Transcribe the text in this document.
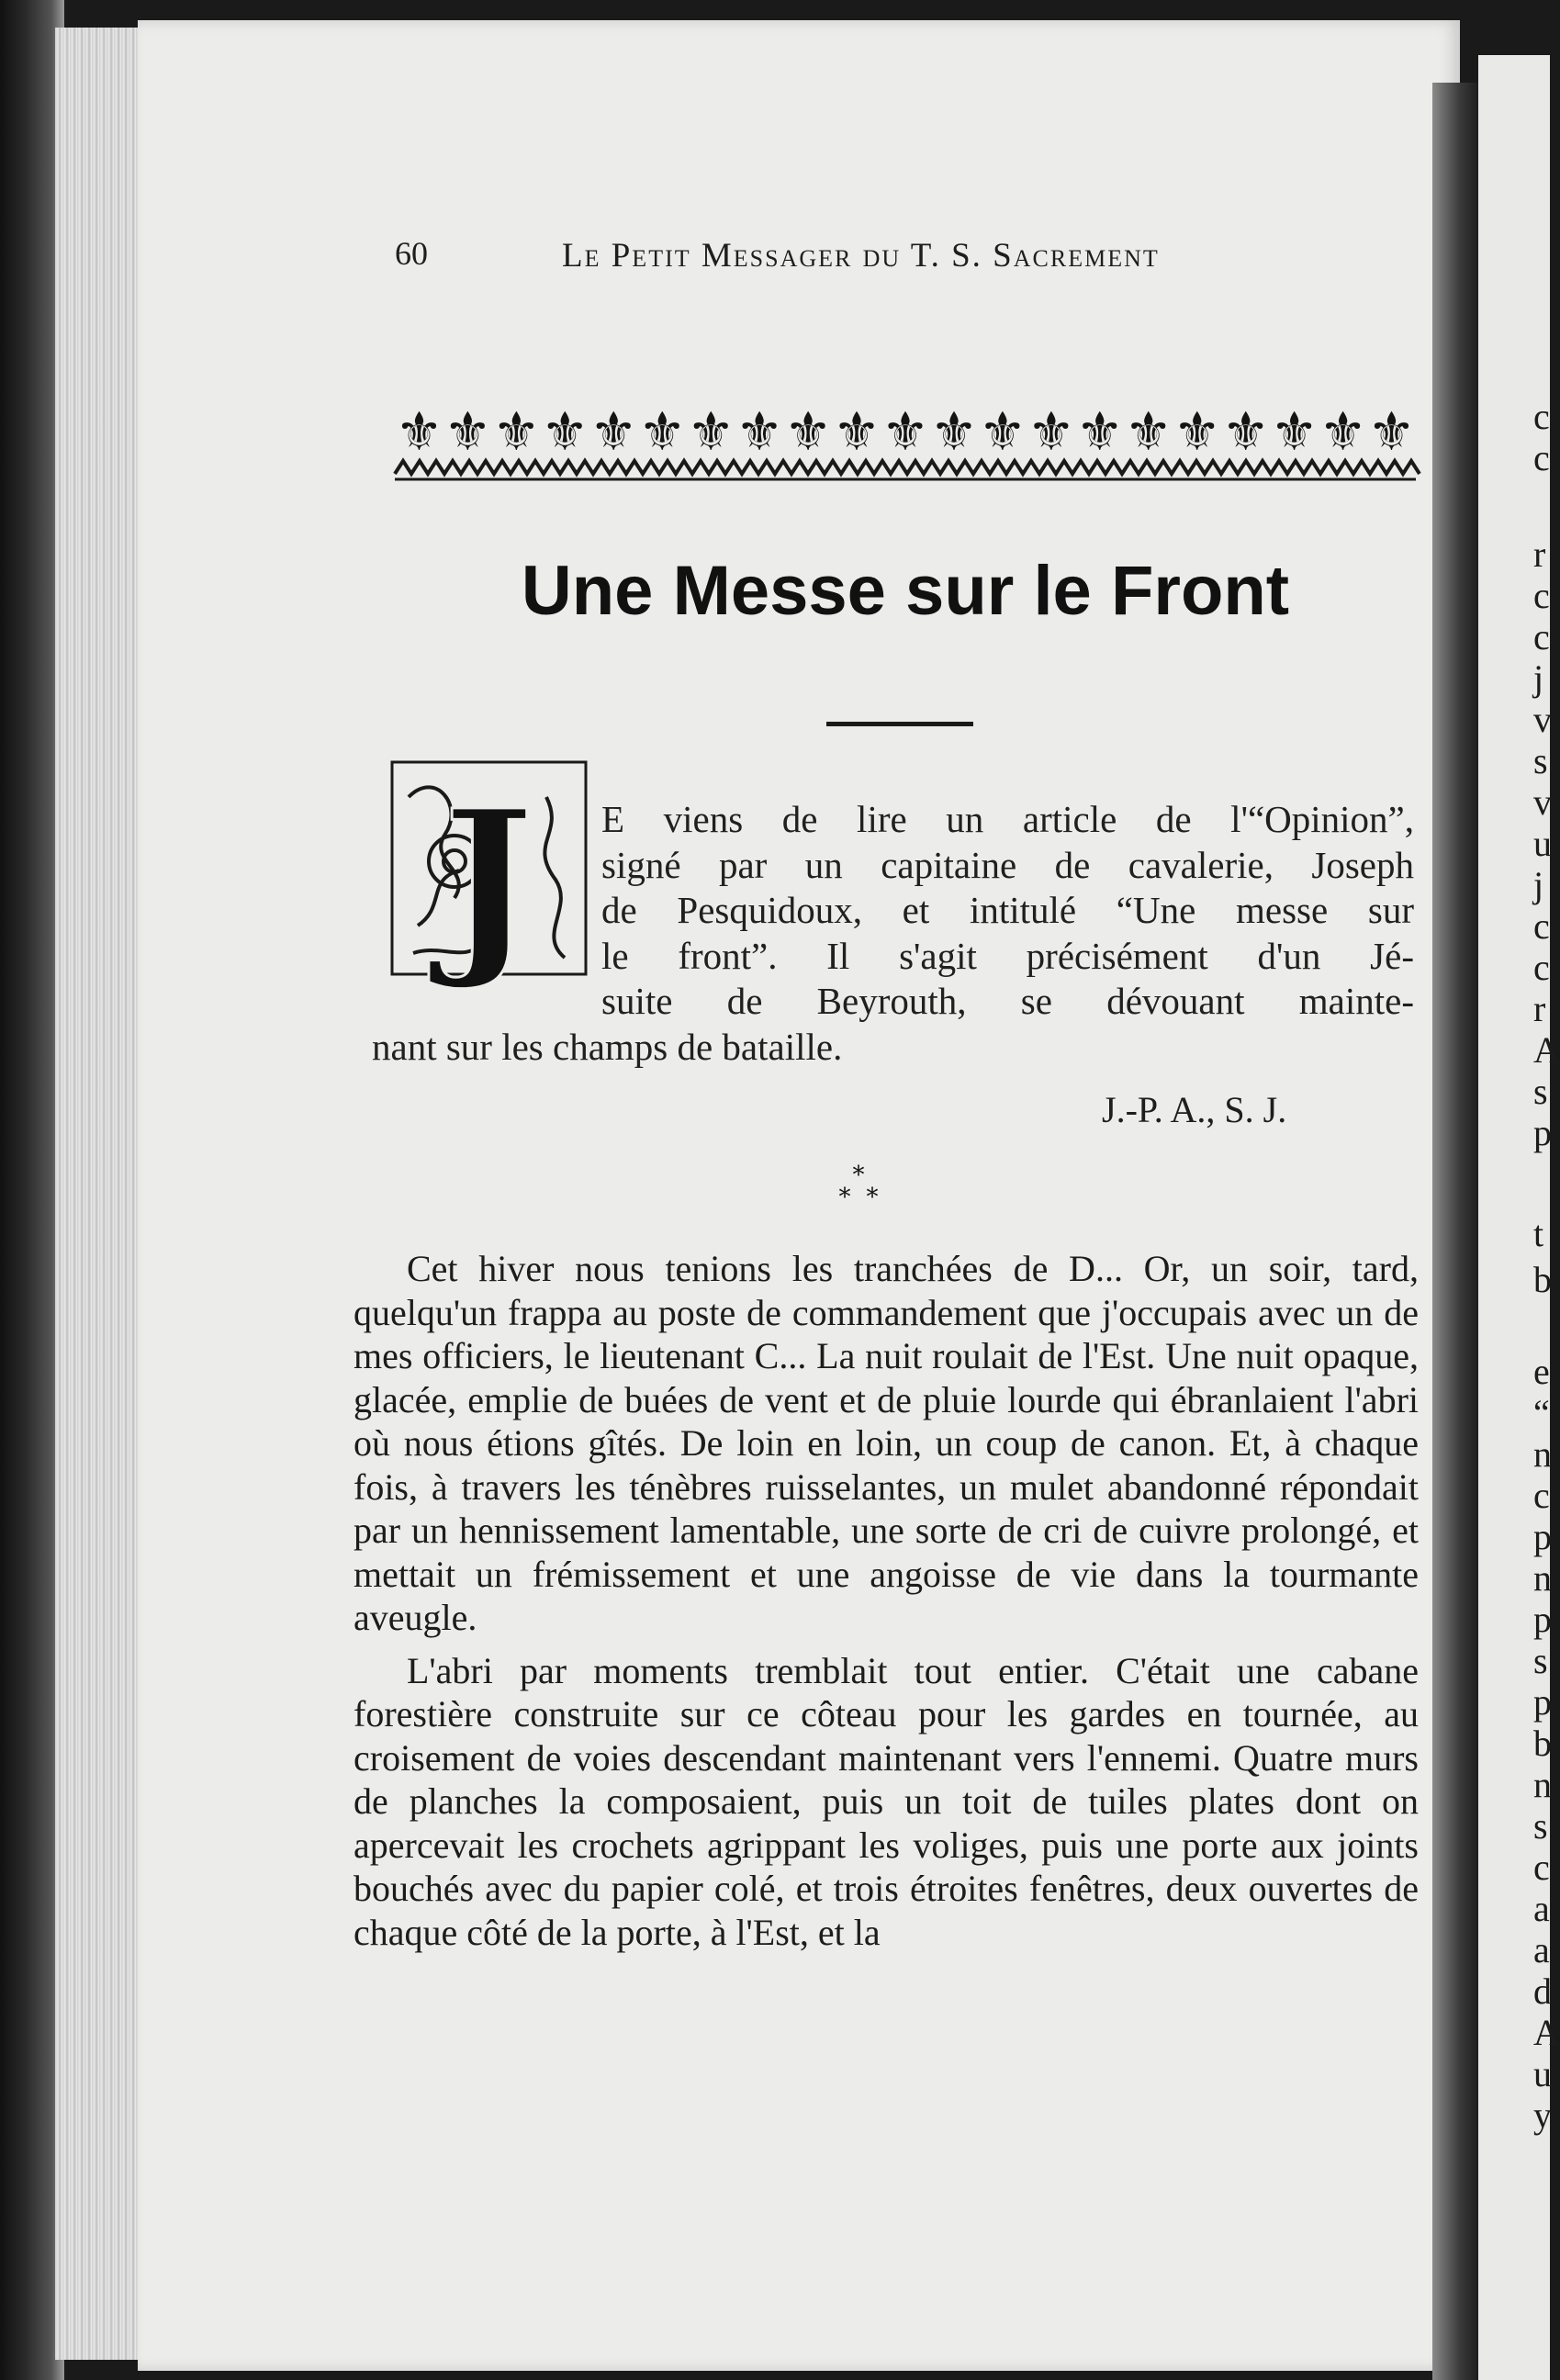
c
c
r
c
c
j
v
s
v
u
j
c
c
r
A
s
p
t
b
e
“
n
c
p
n
p
s
p
b
n
s
c
a
a
d
A
u
y
60	Le Petit Messager du T. S. Sacrement
⚜ ⚜ ⚜ ⚜ ⚜ ⚜ ⚜ ⚜ ⚜ ⚜ ⚜ ⚜ ⚜ ⚜ ⚜ ⚜ ⚜ ⚜ ⚜ ⚜ ⚜
Une Messe sur le Front
J	E viens de lire un article de l'“Opinion”,
signé par un capitaine de cavalerie, Joseph
de Pesquidoux, et intitulé “Une messe sur
le front”. Il s'agit précisément d'un Jé-
suite de Beyrouth, se dévouant mainte-
nant sur les champs de bataille.
J.-P. A., S. J.
*
* *

Cet hiver nous tenions les tranchées de D... Or, un soir, tard, quelqu'un frappa au poste de commandement que j'occupais avec un de mes officiers, le lieutenant C... La nuit roulait de l'Est. Une nuit opaque, glacée, emplie de buées de vent et de pluie lourde qui ébranlaient l'abri où nous étions gîtés. De loin en loin, un coup de canon. Et, à chaque fois, à travers les ténèbres ruisselantes, un mulet abandonné répondait par un hennissement lamentable, une sorte de cri de cuivre prolongé, et mettait un frémissement et une angoisse de vie dans la tourmante aveugle.

L'abri par moments tremblait tout entier. C'était une cabane forestière construite sur ce côteau pour les gardes en tournée, au croisement de voies descendant maintenant vers l'ennemi. Quatre murs de planches la composaient, puis un toit de tuiles plates dont on apercevait les crochets agrippant les voliges, puis une porte aux joints bouchés avec du papier colé, et trois étroites fenêtres, deux ouvertes de chaque côté de la porte, à l'Est, et la
